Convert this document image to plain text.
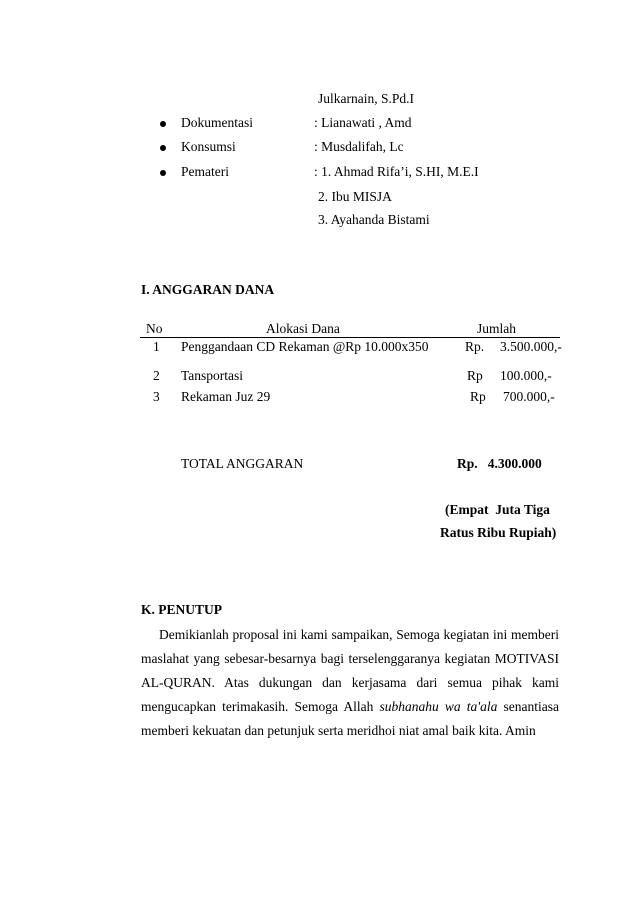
Julkarnain, S.Pd.I
Dokumentasi	: Lianawati , Amd
Konsumsi	: Musdalifah, Lc
Pemateri	: 1. Ahmad Rifa’i, S.HI, M.E.I
2. Ibu MISJA
3. Ayahanda Bistami
I. ANGGARAN DANA
No	Alokasi Dana	Jumlah
1 Penggandaan CD Rekaman @Rp 10.000x350	Rp. 3.500.000,-
2 Tansportasi	Rp 100.000,-
3 Rekaman Juz 29	Rp 700.000,-
TOTAL ANGGARAN	Rp.   4.300.000
(Empat  Juta Tiga
Ratus Ribu Rupiah)
K. PENUTUP
Demikianlah proposal ini kami sampaikan, Semoga kegiatan ini memberi
maslahat yang sebesar-besarnya bagi terselenggaranya kegiatan MOTIVASI
AL-QURAN.  Atas  dukungan  dan  kerjasama  dari  semua  pihak  kami
mengucapkan terimakasih. Semoga Allah subhanahu wa ta'ala senantiasa
memberi kekuatan dan petunjuk serta meridhoi niat amal baik kita. Amin
